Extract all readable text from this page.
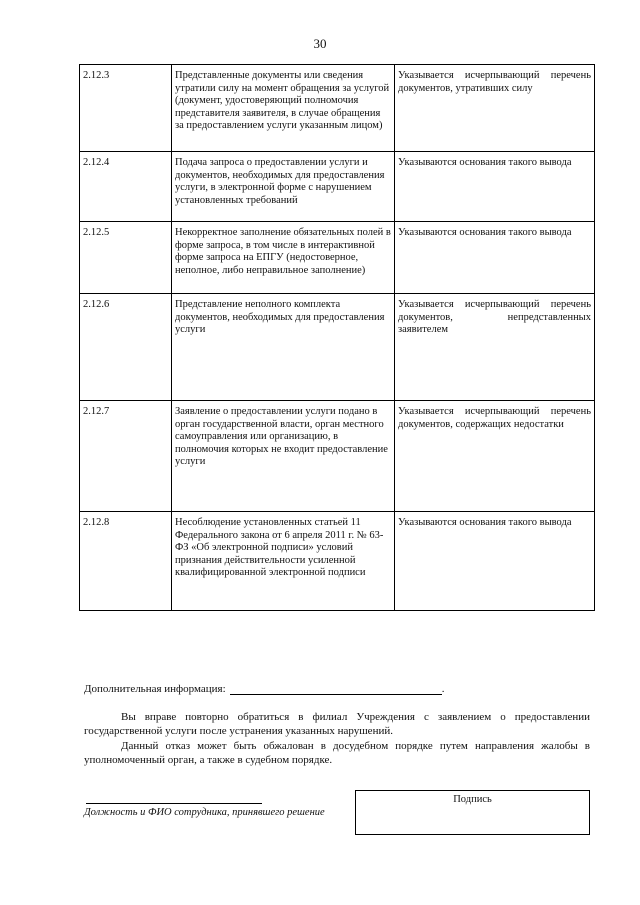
30
2.12.3	Представленные документы или сведения утратили силу на момент обращения за услугой (документ, удостоверяющий полномочия представителя заявителя, в случае обращения за предоставлением услуги указанным лицом)	Указывается исчерпывающий перечень документов, утративших силу
2.12.4	Подача запроса о предоставлении услуги и документов, необходимых для предоставления услуги, в электронной форме с нарушением установленных требований	Указываются основания такого вывода
2.12.5	Некорректное заполнение обязательных полей в форме запроса, в том числе в интерактивной форме запроса на ЕПГУ (недостоверное, неполное, либо неправильное заполнение)	Указываются основания такого вывода
2.12.6	Представление неполного комплекта документов, необходимых для предоставления услуги	Указывается исчерпывающий перечень документов, непредставленных заявителем
2.12.7	Заявление о предоставлении услуги подано в орган государственной власти, орган местного самоуправления или организацию, в полномочия которых не входит предоставление услуги	Указывается исчерпывающий перечень документов, содержащих недостатки
2.12.8	Несоблюдение установленных статьей 11 Федерального закона от 6 апреля 2011 г. № 63-ФЗ «Об электронной подписи» условий признания действительности усиленной квалифицированной электронной подписи	Указываются основания такого вывода
Дополнительная информация:	.
Вы вправе повторно обратиться в филиал Учреждения с заявлением о предоставлении государственной услуги после устранения указанных нарушений.
Данный отказ может быть обжалован в досудебном порядке путем направления жалобы в уполномоченный орган, а также в судебном порядке.
Должность и ФИО сотрудника, принявшего решение
Подпись
